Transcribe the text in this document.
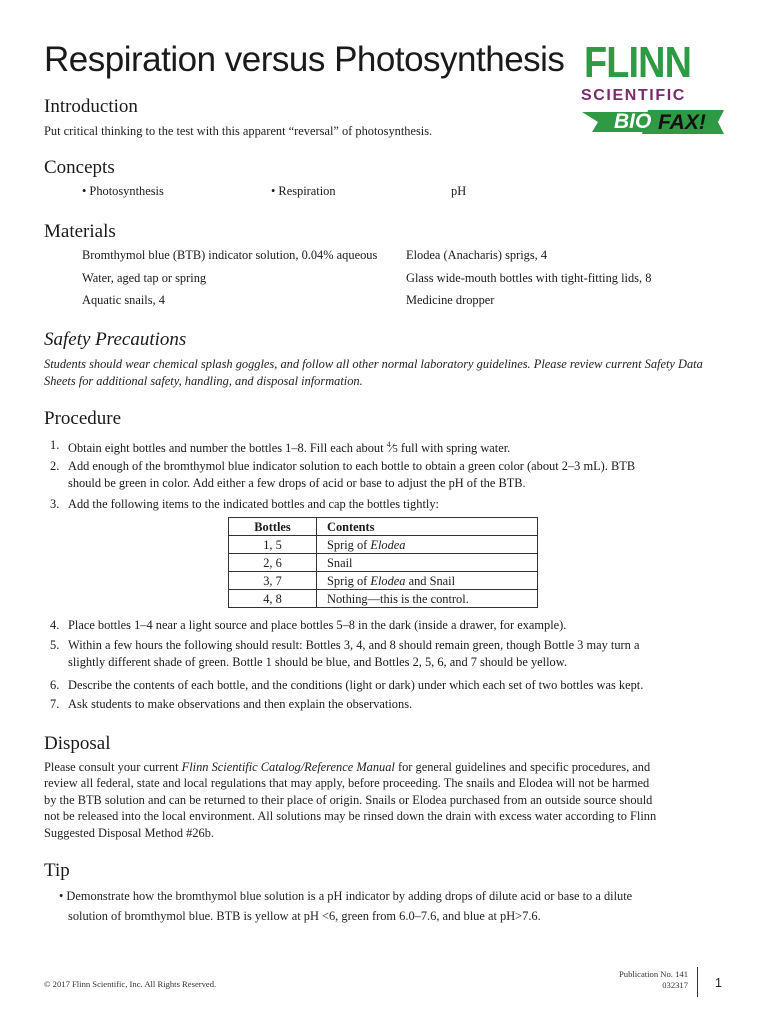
Respiration versus Photosynthesis FLINN
SCIENTIFIC
BIO FAX!
Introduction

Put critical thinking to the test with this apparent “reversal” of photosynthesis.

Concepts
• Photosynthesis	• Respiration	pH
Materials
Bromthymol blue (BTB) indicator solution, 0.04% aqueous
Water, aged tap or spring
Aquatic snails, 4
Elodea (Anacharis) sprigs, 4
Glass wide-mouth bottles with tight-fitting lids, 8
Medicine dropper
Safety Precautions
Students should wear chemical splash goggles, and follow all other normal laboratory guidelines. Please review current Safety Data
Sheets for additional safety, handling, and disposal information.
Procedure
1. Obtain eight bottles and number the bottles 1–8. Fill each about $^4$⁄5 full with spring water.
2. Add enough of the bromthymol blue indicator solution to each bottle to obtain a green color (about 2–3 mL). BTB
should be green in color. Add either a few drops of acid or base to adjust the pH of the BTB.
3. Add the following items to the indicated bottles and cap the bottles tightly:
Bottles	Contents
1, 5	Sprig of Elodea
2, 6	Snail
3, 7	Sprig of Elodea and Snail
4, 8	Nothing—this is the control.
4. Place bottles 1–4 near a light source and place bottles 5–8 in the dark (inside a drawer, for example).
5. Within a few hours the following should result: Bottles 3, 4, and 8 should remain green, though Bottle 3 may turn a
slightly different shade of green. Bottle 1 should be blue, and Bottles 2, 5, 6, and 7 should be yellow.
6. Describe the contents of each bottle, and the conditions (light or dark) under which each set of two bottles was kept.
7. Ask students to make observations and then explain the observations.
Disposal
Please consult your current Flinn Scientific Catalog/Reference Manual for general guidelines and specific procedures, and
review all federal, state and local regulations that may apply, before proceeding. The snails and Elodea will not be harmed
by the BTB solution and can be returned to their place of origin. Snails or Elodea purchased from an outside source should
not be released into the local environment. All solutions may be rinsed down the drain with excess water according to Flinn
Suggested Disposal Method #26b.
Tip
• Demonstrate how the bromthymol blue solution is a pH indicator by adding drops of dilute acid or base to a dilute
solution of bromthymol blue. BTB is yellow at pH <6, green from 6.0–7.6, and blue at pH>7.6.
© 2017 Flinn Scientific, Inc. All Rights Reserved.
Publication No. 141
032317 1
